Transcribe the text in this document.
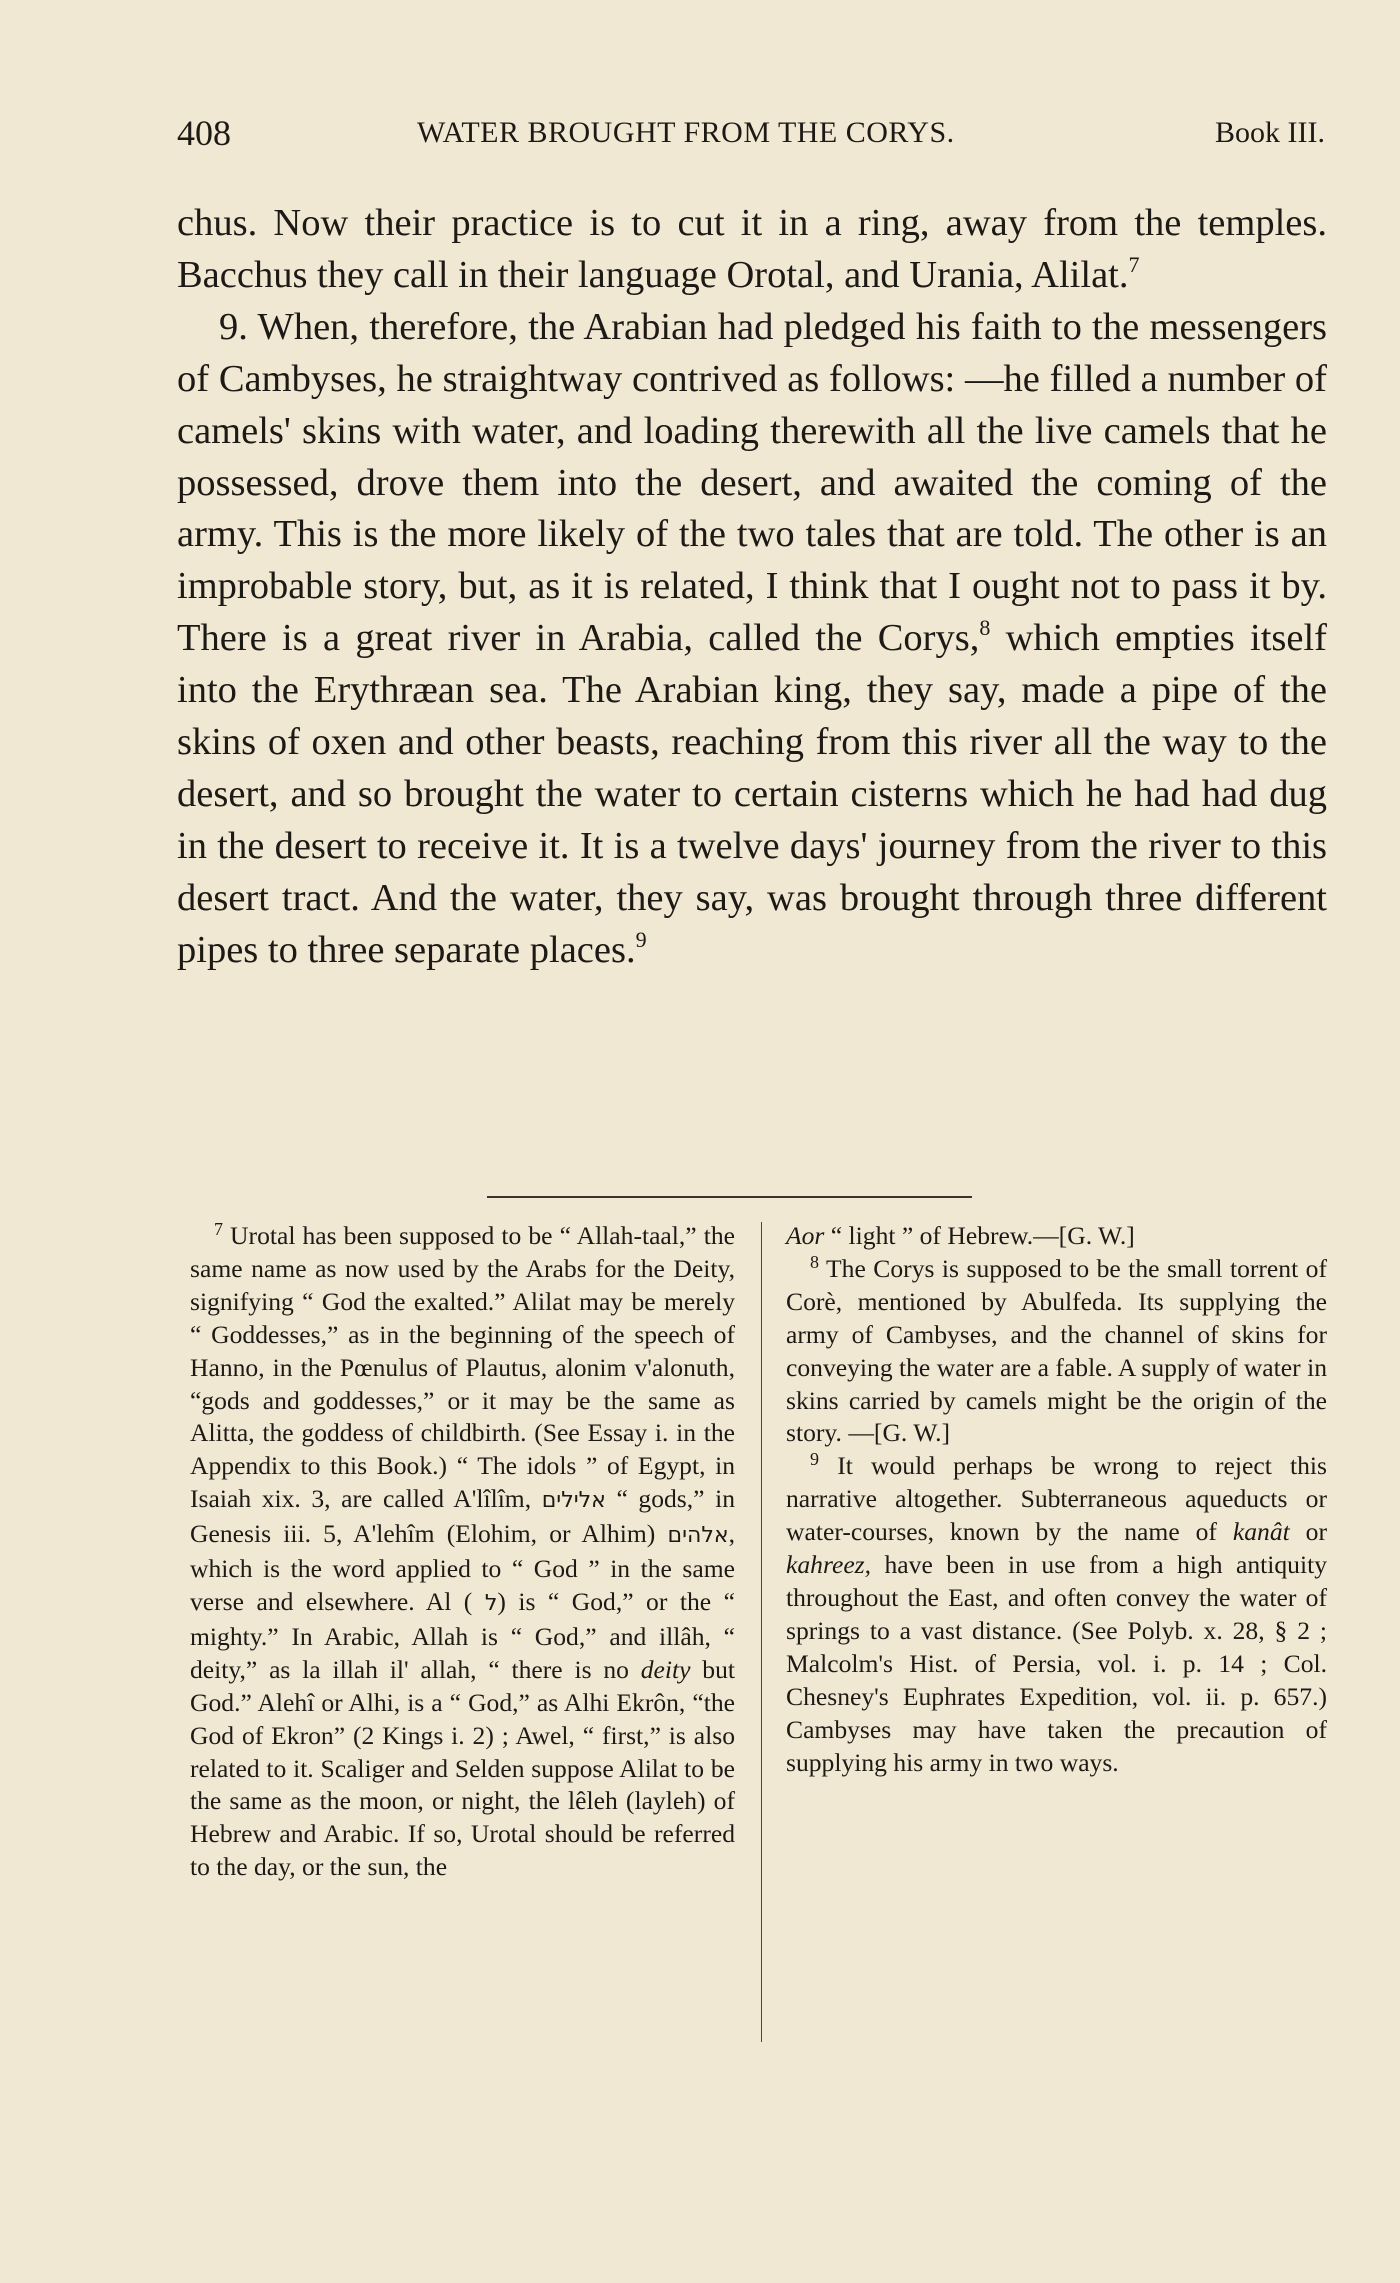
408	WATER BROUGHT FROM THE CORYS.	Book III.

chus. Now their practice is to cut it in a ring, away from the temples. Bacchus they call in their language Orotal, and Urania, Alilat.$^7$

9. When, therefore, the Arabian had pledged his faith to the messengers of Cambyses, he straightway contrived as follows: —he filled a number of camels' skins with water, and loading therewith all the live camels that he possessed, drove them into the desert, and awaited the coming of the army. This is the more likely of the two tales that are told. The other is an improbable story, but, as it is related, I think that I ought not to pass it by. There is a great river in Arabia, called the Corys,$^8$ which empties itself into the Erythræan sea. The Arabian king, they say, made a pipe of the skins of oxen and other beasts, reaching from this river all the way to the desert, and so brought the water to certain cisterns which he had had dug in the desert to receive it. It is a twelve days' journey from the river to this desert tract. And the water, they say, was brought through three different pipes to three separate places.$^9$

$^7$ Urotal has been supposed to be “ Allah-taal,” the same name as now used by the Arabs for the Deity, signifying “ God the exalted.” Alilat may be merely “ Goddesses,” as in the beginning of the speech of Hanno, in the Pœnulus of Plautus, alonim v'alonuth, “gods and goddesses,” or it may be the same as Alitta, the goddess of childbirth. (See Essay i. in the Appendix to this Book.) “ The idols ” of Egypt, in Isaiah xix. 3, are called A'lîlîm, אלילים “ gods,” in Genesis iii. 5, A'lehîm (Elohim, or Alhim) אלהים, which is the word applied to “ God ” in the same verse and elsewhere. Al ( ל) is “ God,” or the “ mighty.” In Arabic, Allah is “ God,” and illâh, “ deity,” as la illah il' allah, “ there is no deity but God.” Alehî or Alhi, is a “ God,” as Alhi Ekrôn, “the God of Ekron” (2 Kings i. 2) ; Awel, “ first,” is also related to it. Scaliger and Selden suppose Alilat to be the same as the moon, or night, the lêleh (layleh) of Hebrew and Arabic. If so, Urotal should be referred to the day, or the sun, the

Aor “ light ” of Hebrew.—[G. W.]

$^8$ The Corys is supposed to be the small torrent of Corè, mentioned by Abulfeda. Its supplying the army of Cambyses, and the channel of skins for conveying the water are a fable. A supply of water in skins carried by camels might be the origin of the story. —[G. W.]

$^9$ It would perhaps be wrong to reject this narrative altogether. Subterraneous aqueducts or water-courses, known by the name of kanât or kahreez, have been in use from a high antiquity throughout the East, and often convey the water of springs to a vast distance. (See Polyb. x. 28, § 2 ; Malcolm's Hist. of Persia, vol. i. p. 14 ; Col. Chesney's Euphrates Expedition, vol. ii. p. 657.) Cambyses may have taken the precaution of supplying his army in two ways.
